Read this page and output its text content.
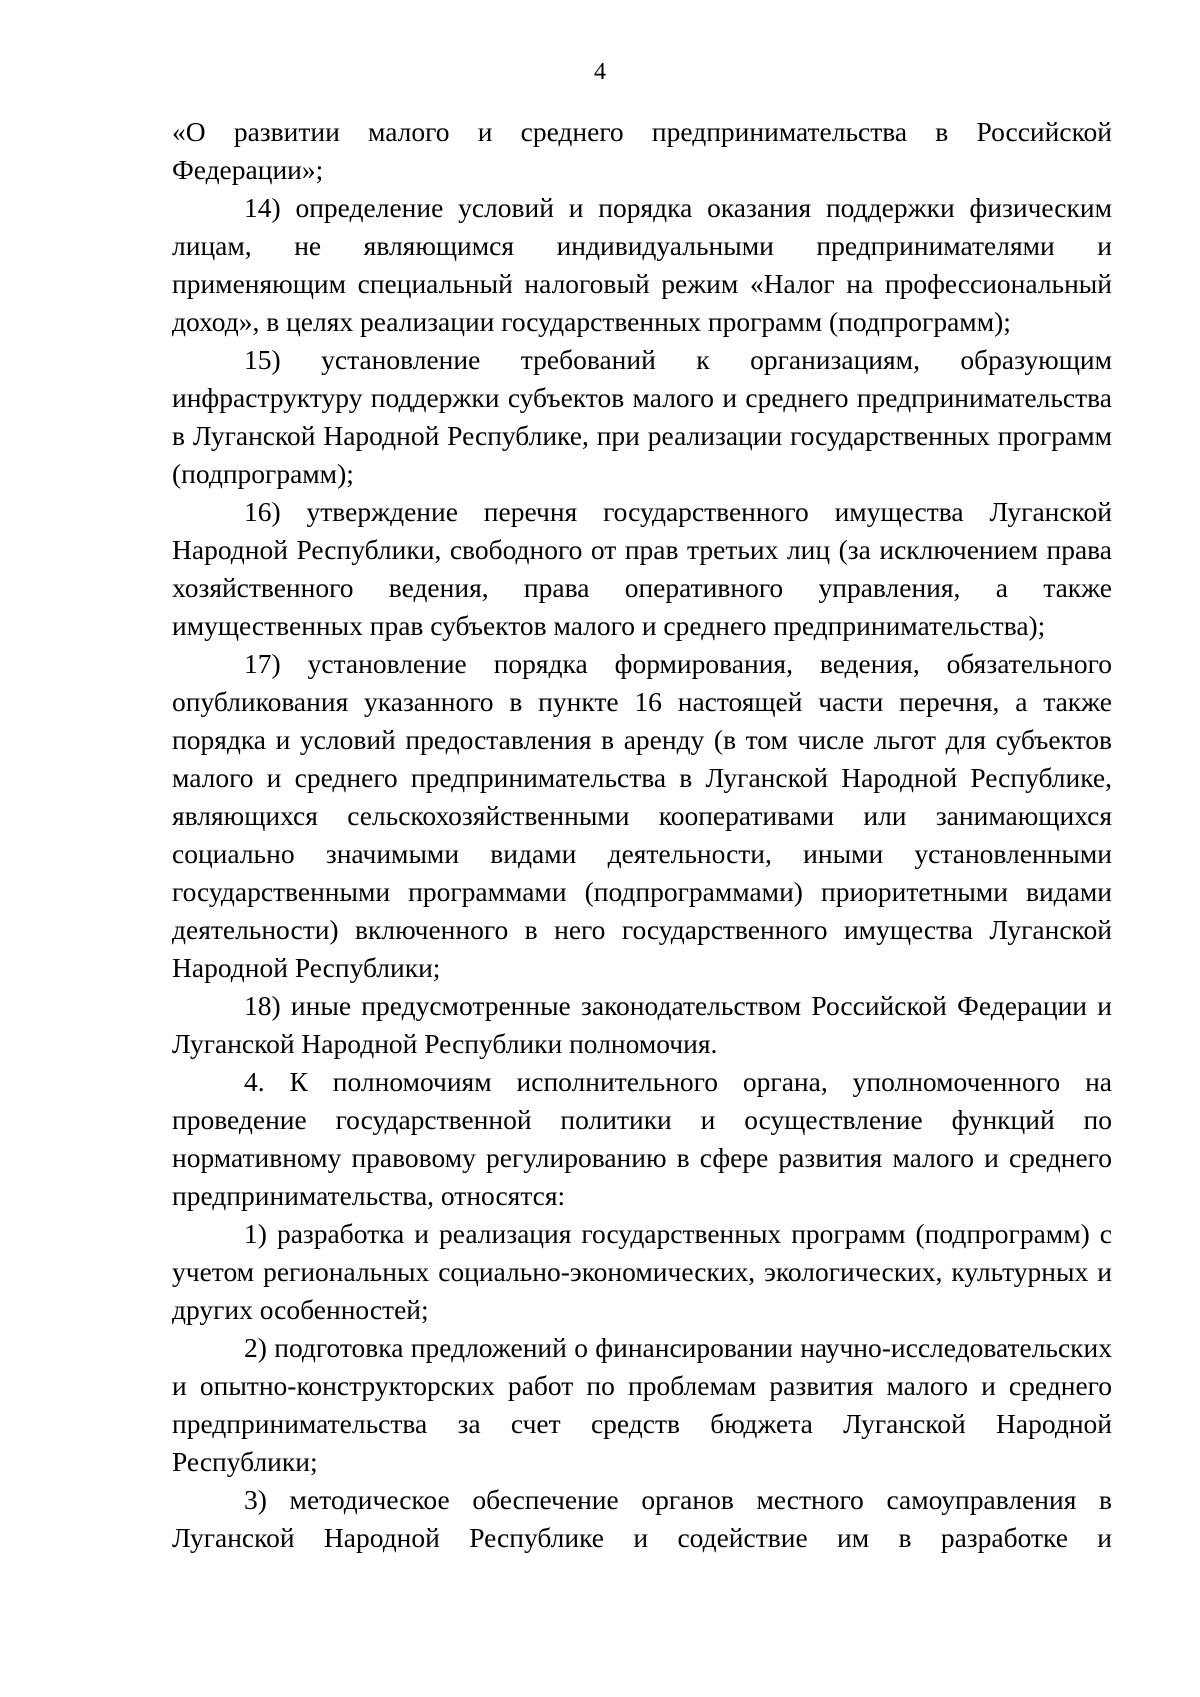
4

«О развитии малого и среднего предпринимательства в Российской Федерации»;

14) определение условий и порядка оказания поддержки физическим лицам, не являющимся индивидуальными предпринимателями и применяющим специальный налоговый режим «Налог на профессиональный доход», в целях реализации государственных программ (подпрограмм);

15) установление требований к организациям, образующим инфраструктуру поддержки субъектов малого и среднего предпринимательства в Луганской Народной Республике, при реализации государственных программ (подпрограмм);

16) утверждение перечня государственного имущества Луганской Народной Республики, свободного от прав третьих лиц (за исключением права хозяйственного ведения, права оперативного управления, а также имущественных прав субъектов малого и среднего предпринимательства);

17) установление порядка формирования, ведения, обязательного опубликования указанного в пункте 16 настоящей части перечня, а также порядка и условий предоставления в аренду (в том числе льгот для субъектов малого и среднего предпринимательства в Луганской Народной Республике, являющихся сельскохозяйственными кооперативами или занимающихся социально значимыми видами деятельности, иными установленными государственными программами (подпрограммами) приоритетными видами деятельности) включенного в него государственного имущества Луганской Народной Республики;

18) иные предусмотренные законодательством Российской Федерации и Луганской Народной Республики полномочия.

4. К полномочиям исполнительного органа, уполномоченного на проведение государственной политики и осуществление функций по нормативному правовому регулированию в сфере развития малого и среднего предпринимательства, относятся:

1) разработка и реализация государственных программ (подпрограмм) с учетом региональных социально-экономических, экологических, культурных и других особенностей;

2) подготовка предложений о финансировании научно-исследовательских и опытно-конструкторских работ по проблемам развития малого и среднего предпринимательства за счет средств бюджета Луганской Народной Республики;

3) методическое обеспечение органов местного самоуправления в Луганской Народной Республике и содействие им в разработке и
